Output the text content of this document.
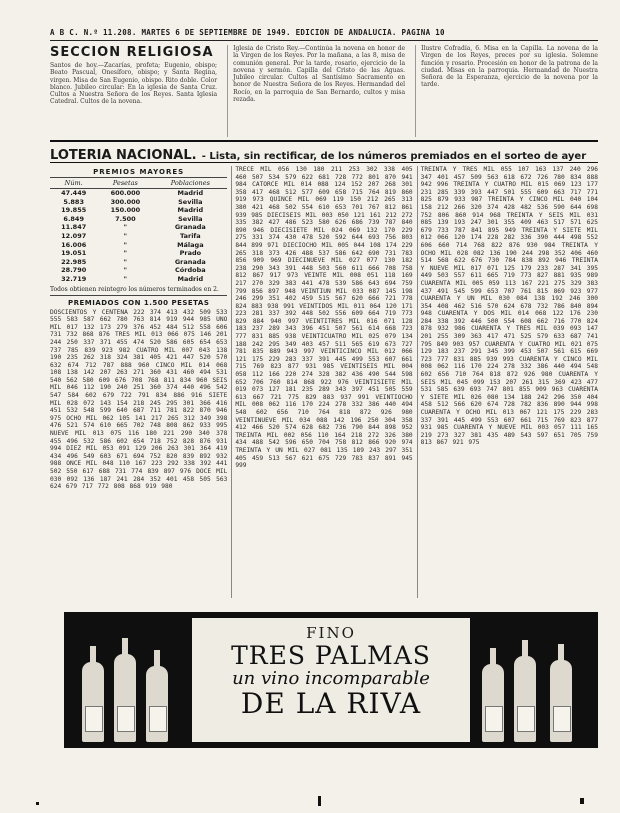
A B C. N.º 11.208. MARTES 6 DE SEPTIEMBRE DE 1949. EDICION DE ANDALUCIA. PAGINA 10
SECCION RELIGIOSA
Santos de hoy.—Zacarías, profeta; Eugenio, obispo; Beato Pascual, Onesíforo, obispo; y Santa Regina, virgen. Misa de San Eugenio, obispo. Rito doble. Color blanco. Jubileo circular: En la iglesia de Santa Cruz. Cultos a Nuestra Señora de los Reyes. Santa Iglesia Catedral. Cultos de la novena.
Iglesia de Cristo Rey.—Continúa la novena en honor de la Virgen de los Reyes. Por la mañana, a las 8, misa de comunión general. Por la tarde, rosario, ejercicio de la novena y sermón. Capilla del Cristo de las Aguas. Jubileo circular. Cultos al Santísimo Sacramento en honor de Nuestra Señora de los Reyes. Hermandad del Rocío, en la parroquia de San Bernardo, cultos y misa rezada.
Ilustre Cofradía, 6. Misa en la Capilla. La novena de la Virgen de los Reyes, preces por su iglesia. Solemne función y rosario. Procesión en honor de la patrona de la ciudad. Misas en la parroquia. Hermandad de Nuestra Señora de la Esperanza, ejercicio de la novena por la tarde.
LOTERIA NACIONAL. - Lista, sin rectificar, de los números premiados en el sorteo de ayer
PREMIOS MAYORES
Núm.	Pesetas	Poblaciones
47.449	600.000	Madrid
5.883	300.000	Sevilla
19.855	150.000	Madrid
6.849	7.500	Sevilla
11.847	"	Granada
12.097	"	Tarifa
16.006	"	Málaga
19.051	"	Prado
22.985	"	Granada
28.790	"	Córdoba
32.719	"	Madrid
Todos obtienen reintegro los números terminados en 2.
PREMIADOS CON 1.500 PESETAS
DOSCIENTOS Y CENTENA 222 374 413 432 509 533 555 583 587 662 780 763 814 919 944 985 UNO MIL 017 132 173 279 376 452 484 512 558 606 731 732 868 876 TRES MIL 013 066 075 146 201 244 250 337 371 455 474 520 586 605 654 653 737 785 839 923 982 CUATRO MIL 007 043 138 190 235 262 318 324 381 405 421 447 520 570 632 674 712 787 888 960 CINCO MIL 014 068 108 138 142 207 263 271 360 431 460 494 531 540 562 580 609 676 708 768 811 834 960 SEIS MIL 046 112 190 240 251 360 374 440 496 542 547 584 602 679 722 791 834 886 916 SIETE MIL 028 072 143 154 218 245 295 301 366 416 451 532 548 599 640 687 711 781 822 870 946 975 OCHO MIL 062 105 141 217 265 312 349 398 476 521 574 610 665 702 748 808 862 933 995 NUEVE MIL 013 075 116 180 221 290 340 378 455 496 532 586 602 654 718 752 828 876 931 994 DIEZ MIL 053 091 129 206 263 301 364 419 434 496 549 603 671 694 752 820 839 892 932 988 ONCE MIL 048 110 167 223 292 338 392 441 502 550 617 688 731 774 839 897 976 DOCE MIL 030 092 136 187 241 284 352 401 458 505 563 624 679 717 772 808 868 919 980
TRECE MIL 056 130 180 211 253 302 338 405 460 507 534 579 622 681 728 772 801 870 941 984 CATORCE MIL 014 088 124 152 207 268 301 358 417 468 512 577 609 658 715 764 819 860 919 973 QUINCE MIL 069 119 150 212 265 313 380 421 468 502 554 610 653 701 767 812 861 939 985 DIECISEIS MIL 003 050 121 161 212 272 335 382 427 486 523 580 626 686 739 787 840 890 946 DIECISIETE MIL 024 069 132 170 229 275 331 374 430 478 520 592 644 693 756 803 844 899 971 DIECIOCHO MIL 005 044 108 174 229 265 318 373 426 488 537 586 642 690 731 783 856 909 969 DIECINUEVE MIL 027 077 130 182 238 290 343 391 448 503 560 611 666 708 758 812 867 917 973 VEINTE MIL 008 051 118 169 217 270 329 383 441 478 539 586 643 694 759 799 856 897 948 VEINTIUN MIL 033 087 145 198 246 299 351 402 459 515 567 620 666 721 778 824 883 938 991 VEINTIDOS MIL 011 064 120 171 223 281 337 392 448 502 556 609 664 719 773 829 884 940 997 VEINTITRES MIL 016 071 128 183 237 289 343 396 451 507 561 614 668 723 777 831 885 938 VEINTICUATRO MIL 025 079 134 188 242 295 349 403 457 511 565 619 673 727 781 835 889 943 997 VEINTICINCO MIL 012 066 121 175 229 283 337 391 445 499 553 607 661 715 769 823 877 931 985 VEINTISEIS MIL 004 058 112 166 220 274 328 382 436 490 544 598 652 706 760 814 868 922 976 VEINTISIETE MIL 019 073 127 181 235 289 343 397 451 505 559 613 667 721 775 829 883 937 991 VEINTIOCHO MIL 008 062 116 170 224 278 332 386 440 494 548 602 656 710 764 818 872 926 980 VEINTINUEVE MIL 034 088 142 196 250 304 358 412 466 520 574 628 682 736 790 844 898 952 TREINTA MIL 002 056 110 164 218 272 326 380 434 488 542 596 650 704 758 812 866 920 974 TREINTA Y UN MIL 027 081 135 189 243 297 351 405 459 513 567 621 675 729 783 837 891 945 999
TREINTA Y TRES MIL 055 107 163 137 240 296 347 401 457 509 563 618 672 726 780 834 888 942 996 TREINTA Y CUATRO MIL 015 069 123 177 231 285 339 393 447 501 555 609 663 717 771 825 879 933 987 TREINTA Y CINCO MIL 040 104 158 212 266 320 374 428 482 536 590 644 698 752 806 860 914 968 TREINTA Y SEIS MIL 031 085 139 193 247 301 355 409 463 517 571 625 679 733 787 841 895 949 TREINTA Y SIETE MIL 012 066 120 174 228 282 336 390 444 498 552 606 660 714 768 822 876 930 984 TREINTA Y OCHO MIL 028 082 136 190 244 298 352 406 460 514 568 622 676 730 784 838 892 946 TREINTA Y NUEVE MIL 017 071 125 179 233 287 341 395 449 503 557 611 665 719 773 827 881 935 989 CUARENTA MIL 005 059 113 167 221 275 329 383 437 491 545 599 653 707 761 815 869 923 977 CUARENTA Y UN MIL 030 084 138 192 246 300 354 408 462 516 570 624 678 732 786 840 894 948 CUARENTA Y DOS MIL 014 068 122 176 230 284 338 392 446 500 554 608 662 716 770 824 878 932 986 CUARENTA Y TRES MIL 039 093 147 201 255 309 363 417 471 525 579 633 687 741 795 849 903 957 CUARENTA Y CUATRO MIL 021 075 129 183 237 291 345 399 453 507 561 615 669 723 777 831 885 939 993 CUARENTA Y CINCO MIL 008 062 116 170 224 278 332 386 440 494 548 602 656 710 764 818 872 926 980 CUARENTA Y SEIS MIL 045 099 153 207 261 315 369 423 477 531 585 639 693 747 801 855 909 963 CUARENTA Y SIETE MIL 026 080 134 188 242 296 350 404 458 512 566 620 674 728 782 836 890 944 998 CUARENTA Y OCHO MIL 013 067 121 175 229 283 337 391 445 499 553 607 661 715 769 823 877 931 985 CUARENTA Y NUEVE MIL 003 057 111 165 219 273 327 381 435 489 543 597 651 705 759 813 867 921 975
FINO
TRES PALMAS
un vino incomparable
DE LA RIVA
